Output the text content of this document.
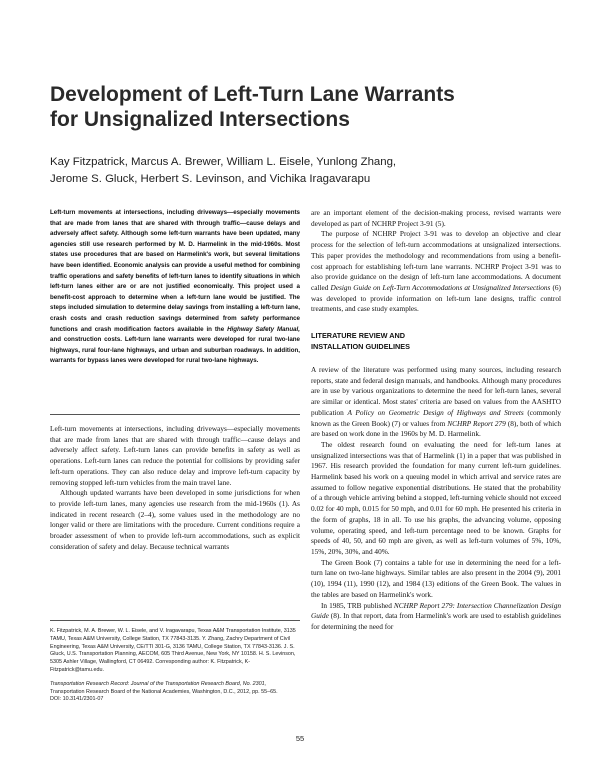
Development of Left-Turn Lane Warrants
for Unsignalized Intersections
Kay Fitzpatrick, Marcus A. Brewer, William L. Eisele, Yunlong Zhang,
Jerome S. Gluck, Herbert S. Levinson, and Vichika Iragavarapu

Left-turn movements at intersections, including driveways—especially movements that are made from lanes that are shared with through traffic—cause delays and adversely affect safety. Although some left-turn warrants have been updated, many agencies still use research performed by M. D. Harmelink in the mid-1960s. Most states use procedures that are based on Harmelink's work, but several limitations have been identified. Economic analysis can provide a useful method for combining traffic operations and safety benefits of left-turn lanes to identify situations in which left-turn lanes either are or are not justified economically. This project used a benefit-cost approach to determine when a left-turn lane would be justified. The steps included simulation to determine delay savings from installing a left-turn lane, crash costs and crash reduction savings determined from safety performance functions and crash modification factors available in the Highway Safety Manual, and construction costs. Left-turn lane warrants were developed for rural two-lane highways, rural four-lane highways, and urban and suburban roadways. In addition, warrants for bypass lanes were developed for rural two-lane highways.

Left-turn movements at intersections, including driveways—especially movements that are made from lanes that are shared with through traffic—cause delays and adversely affect safety. Left-turn lanes can provide benefits in safety as well as operations. Left-turn lanes can reduce the potential for collisions by providing safer left-turn operations. They can also reduce delay and improve left-turn capacity by removing stopped left-turn vehicles from the main travel lane.

Although updated warrants have been developed in some jurisdictions for when to provide left-turn lanes, many agencies use research from the mid-1960s (1). As indicated in recent research (2–4), some values used in the methodology are no longer valid or there are limitations with the procedure. Current conditions require a broader assessment of when to provide left-turn accommodations, such as explicit consideration of safety and delay. Because technical warrants

K. Fitzpatrick, M. A. Brewer, W. L. Eisele, and V. Iragavarapu, Texas A&M Transportation Institute, 3135 TAMU, Texas A&M University, College Station, TX 77843-3135. Y. Zhang, Zachry Department of Civil Engineering, Texas A&M University, CE/TTI 301-G, 3136 TAMU, College Station, TX 77843-3136. J. S. Gluck, U.S. Transportation Planning, AECOM, 605 Third Avenue, New York, NY 10158. H. S. Levinson, 5305 Ashler Village, Wallingford, CT 06492. Corresponding author: K. Fitzpatrick, K-Fitzpatrick@tamu.edu.

Transportation Research Record: Journal of the Transportation Research Board, No. 2301, Transportation Research Board of the National Academies, Washington, D.C., 2012, pp. 55–65.
DOI: 10.3141/2301-07

are an important element of the decision-making process, revised warrants were developed as part of NCHRP Project 3-91 (5).

The purpose of NCHRP Project 3-91 was to develop an objective and clear process for the selection of left-turn accommodations at unsignalized intersections. This paper provides the methodology and recommendations from using a benefit-cost approach for establishing left-turn lane warrants. NCHRP Project 3-91 was to also provide guidance on the design of left-turn lane accommodations. A document called Design Guide on Left-Turn Accommodations at Unsignalized Intersections (6) was developed to provide information on left-turn lane designs, traffic control treatments, and case study examples.

LITERATURE REVIEW AND
INSTALLATION GUIDELINES

A review of the literature was performed using many sources, including research reports, state and federal design manuals, and handbooks. Although many procedures are in use by various organizations to determine the need for left-turn lanes, several are similar or identical. Most states' criteria are based on values from the AASHTO publication A Policy on Geometric Design of Highways and Streets (commonly known as the Green Book) (7) or values from NCHRP Report 279 (8), both of which are based on work done in the 1960s by M. D. Harmelink.

The oldest research found on evaluating the need for left-turn lanes at unsignalized intersections was that of Harmelink (1) in a paper that was published in 1967. His research provided the foundation for many current left-turn guidelines. Harmelink based his work on a queuing model in which arrival and service rates are assumed to follow negative exponential distributions. He stated that the probability of a through vehicle arriving behind a stopped, left-turning vehicle should not exceed 0.02 for 40 mph, 0.015 for 50 mph, and 0.01 for 60 mph. He presented his criteria in the form of graphs, 18 in all. To use his graphs, the advancing volume, opposing volume, operating speed, and left-turn percentage need to be known. Graphs for speeds of 40, 50, and 60 mph are given, as well as left-turn volumes of 5%, 10%, 15%, 20%, 30%, and 40%.

The Green Book (7) contains a table for use in determining the need for a left-turn lane on two-lane highways. Similar tables are also present in the 2004 (9), 2001 (10), 1994 (11), 1990 (12), and 1984 (13) editions of the Green Book. The values in the tables are based on Harmelink's work.

In 1985, TRB published NCHRP Report 279: Intersection Channelization Design Guide (8). In that report, data from Harmelink's work are used to establish guidelines for determining the need for

55
